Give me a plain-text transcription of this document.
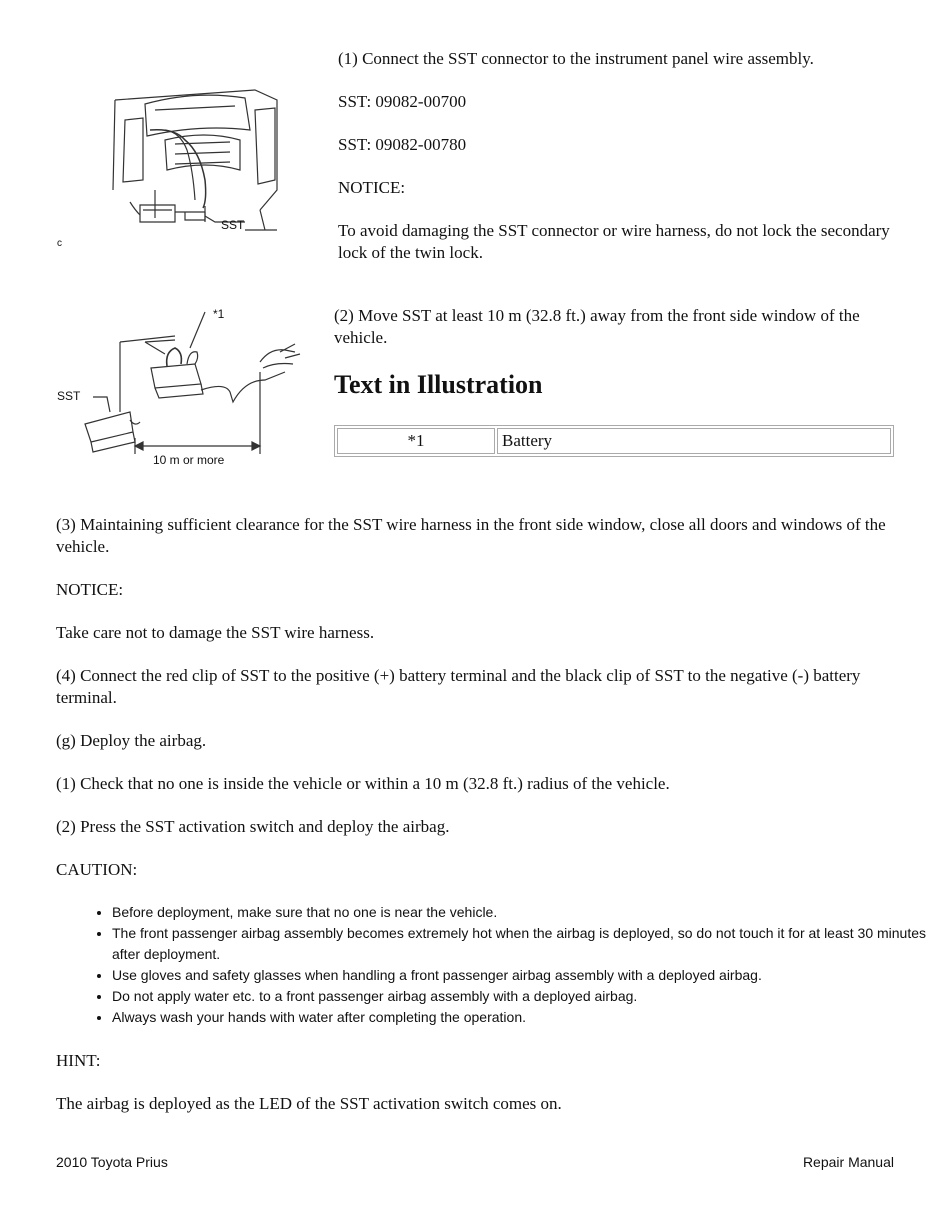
SST
c

(1) Connect the SST connector to the instrument panel wire assembly.

SST: 09082-00700

SST: 09082-00780

NOTICE:

To avoid damaging the SST connector or wire harness, do not lock the secondary lock of the twin lock.

*1
SST
10 m or more

(2) Move SST at least 10 m (32.8 ft.) away from the front side window of the vehicle.

Text in Illustration
*1	Battery

(3) Maintaining sufficient clearance for the SST wire harness in the front side window, close all doors and windows of the vehicle.

NOTICE:

Take care not to damage the SST wire harness.

(4) Connect the red clip of SST to the positive (+) battery terminal and the black clip of SST to the negative (-) battery terminal.

(g) Deploy the airbag.

(1) Check that no one is inside the vehicle or within a 10 m (32.8 ft.) radius of the vehicle.

(2) Press the SST activation switch and deploy the airbag.

CAUTION:

• Before deployment, make sure that no one is near the vehicle.
• The front passenger airbag assembly becomes extremely hot when the airbag is deployed, so do not touch it for at least 30 minutes after deployment.
• Use gloves and safety glasses when handling a front passenger airbag assembly with a deployed airbag.
• Do not apply water etc. to a front passenger airbag assembly with a deployed airbag.
• Always wash your hands with water after completing the operation.

HINT:

The airbag is deployed as the LED of the SST activation switch comes on.

2010 Toyota Prius	Repair Manual
